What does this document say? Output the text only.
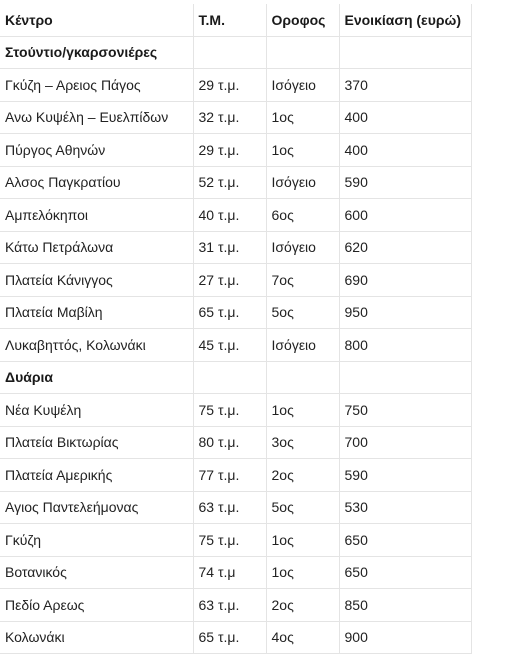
Κέντρο	Τ.Μ.	Οροφος	Ενοικίαση (ευρώ)
Στούντιο/γκαρσονιέρες			
Γκύζη – Αρειος Πάγος	29 τ.μ.	Ισόγειο	370
Ανω Κυψέλη – Ευελπίδων	32 τ.μ.	1ος	400
Πύργος Αθηνών	29 τ.μ.	1ος	400
Αλσος Παγκρατίου	52 τ.μ.	Ισόγειο	590
Αμπελόκηποι	40 τ.μ.	6ος	600
Κάτω Πετράλωνα	31 τ.μ.	Ισόγειο	620
Πλατεία Κάνιγγος	27 τ.μ.	7ος	690
Πλατεία Μαβίλη	65 τ.μ.	5ος	950
Λυκαβηττός, Κολωνάκι	45 τ.μ.	Ισόγειο	800
Δυάρια			
Νέα Κυψέλη	75 τ.μ.	1ος	750
Πλατεία Βικτωρίας	80 τ.μ.	3ος	700
Πλατεία Αμερικής	77 τ.μ.	2ος	590
Αγιος Παντελεήμονας	63 τ.μ.	5ος	530
Γκύζη	75 τ.μ.	1ος	650
Βοτανικός	74 τ.μ	1ος	650
Πεδίο Αρεως	63 τ.μ.	2ος	850
Κολωνάκι	65 τ.μ.	4ος	900
